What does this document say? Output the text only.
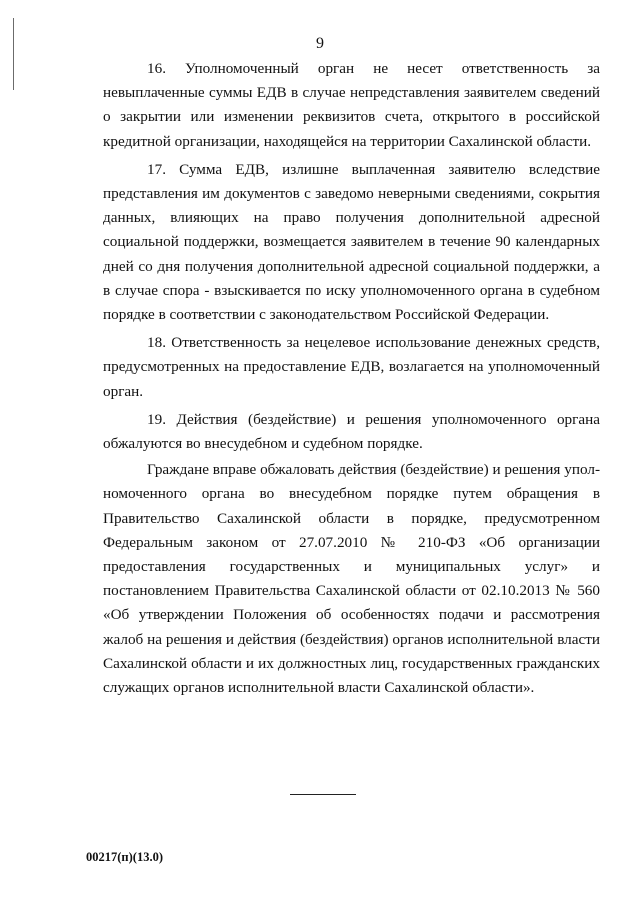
9

16. Уполномоченный орган не несет ответственность за невыплаченные суммы ЕДВ в случае непредставления заявителем сведений о закрытии или изменении реквизитов счета, открытого в российской кредитной организации, находящейся на территории Сахалинской области.

17. Сумма ЕДВ, излишне выплаченная заявителю вследствие представления им документов с заведомо неверными сведениями, сокрытия данных, влияющих на право получения дополнительной адресной социальной поддержки, возмещается заявителем в течение 90 календарных дней со дня получения дополнительной адресной социальной поддержки, а в случае спора - взыскивается по иску уполномоченного органа в судебном порядке в соответствии с законодательством Российской Федерации.

18. Ответственность за нецелевое использование денежных средств, предусмотренных на предоставление ЕДВ, возлагается на уполномоченный орган.

19. Действия (бездействие) и решения уполномоченного органа обжалуются во внесудебном и судебном порядке.

Граждане вправе обжаловать действия (бездействие) и решения уполномоченного органа во внесудебном порядке путем обращения в Правительство Сахалинской области в порядке, предусмотренном Федеральным законом от 27.07.2010 № 210-ФЗ «Об организации предоставления государственных и муниципальных услуг» и постановлением Правительства Сахалинской области от 02.10.2013 № 560 «Об утверждении Положения об особенностях подачи и рассмотрения жалоб на решения и действия (бездействия) органов исполнительной власти Сахалинской области и их должностных лиц, государственных гражданских служащих органов исполнительной власти Сахалинской области».

00217(п)(13.0)
